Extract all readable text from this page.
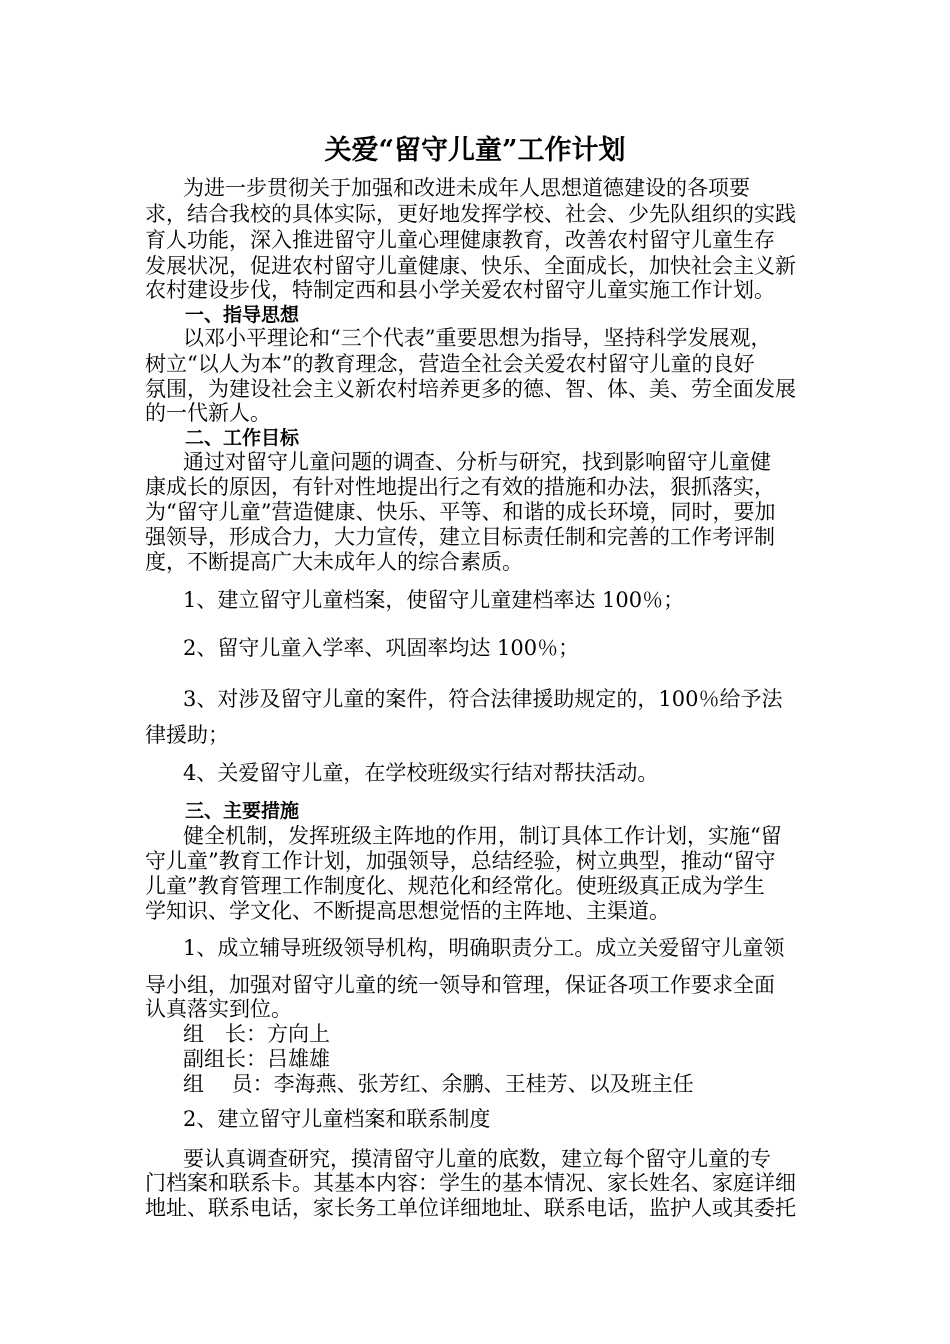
关爱“留守儿童”工作计划
为进一步贯彻关于加强和改进未成年人思想道德建设的各项要
求，结合我校的具体实际，更好地发挥学校、社会、少先队组织的实践
育人功能，深入推进留守儿童心理健康教育，改善农村留守儿童生存
发展状况，促进农村留守儿童健康、快乐、全面成长，加快社会主义新
农村建设步伐，特制定西和县小学关爱农村留守儿童实施工作计划。
一、指导思想
以邓小平理论和“三个代表”重要思想为指导，坚持科学发展观，
树立“以人为本”的教育理念，营造全社会关爱农村留守儿童的良好
氛围，为建设社会主义新农村培养更多的德、智、体、美、劳全面发展
的一代新人。
二、工作目标
通过对留守儿童问题的调查、分析与研究，找到影响留守儿童健
康成长的原因，有针对性地提出行之有效的措施和办法，狠抓落实，
为“留守儿童”营造健康、快乐、平等、和谐的成长环境，同时，要加
强领导，形成合力，大力宣传，建立目标责任制和完善的工作考评制
度，不断提高广大未成年人的综合素质。
1、建立留守儿童档案，使留守儿童建档率达 100％；
2、留守儿童入学率、巩固率均达 100％；
3、对涉及留守儿童的案件，符合法律援助规定的，100％给予法
律援助；
4、关爱留守儿童，在学校班级实行结对帮扶活动。
三、主要措施
健全机制，发挥班级主阵地的作用，制订具体工作计划，实施“留
守儿童”教育工作计划，加强领导，总结经验，树立典型，推动“留守
儿童”教育管理工作制度化、规范化和经常化。使班级真正成为学生
学知识、学文化、不断提高思想觉悟的主阵地、主渠道。
1、成立辅导班级领导机构，明确职责分工。成立关爱留守儿童领
导小组，加强对留守儿童的统一领导和管理，保证各项工作要求全面
认真落实到位。
组　长：方向上
副组长：吕雄雄
组　 员：李海燕、张芳红、余鹏、王桂芳、以及班主任
2、建立留守儿童档案和联系制度
要认真调查研究，摸清留守儿童的底数，建立每个留守儿童的专
门档案和联系卡。其基本内容：学生的基本情况、家长姓名、家庭详细
地址、联系电话，家长务工单位详细地址、联系电话，监护人或其委托
